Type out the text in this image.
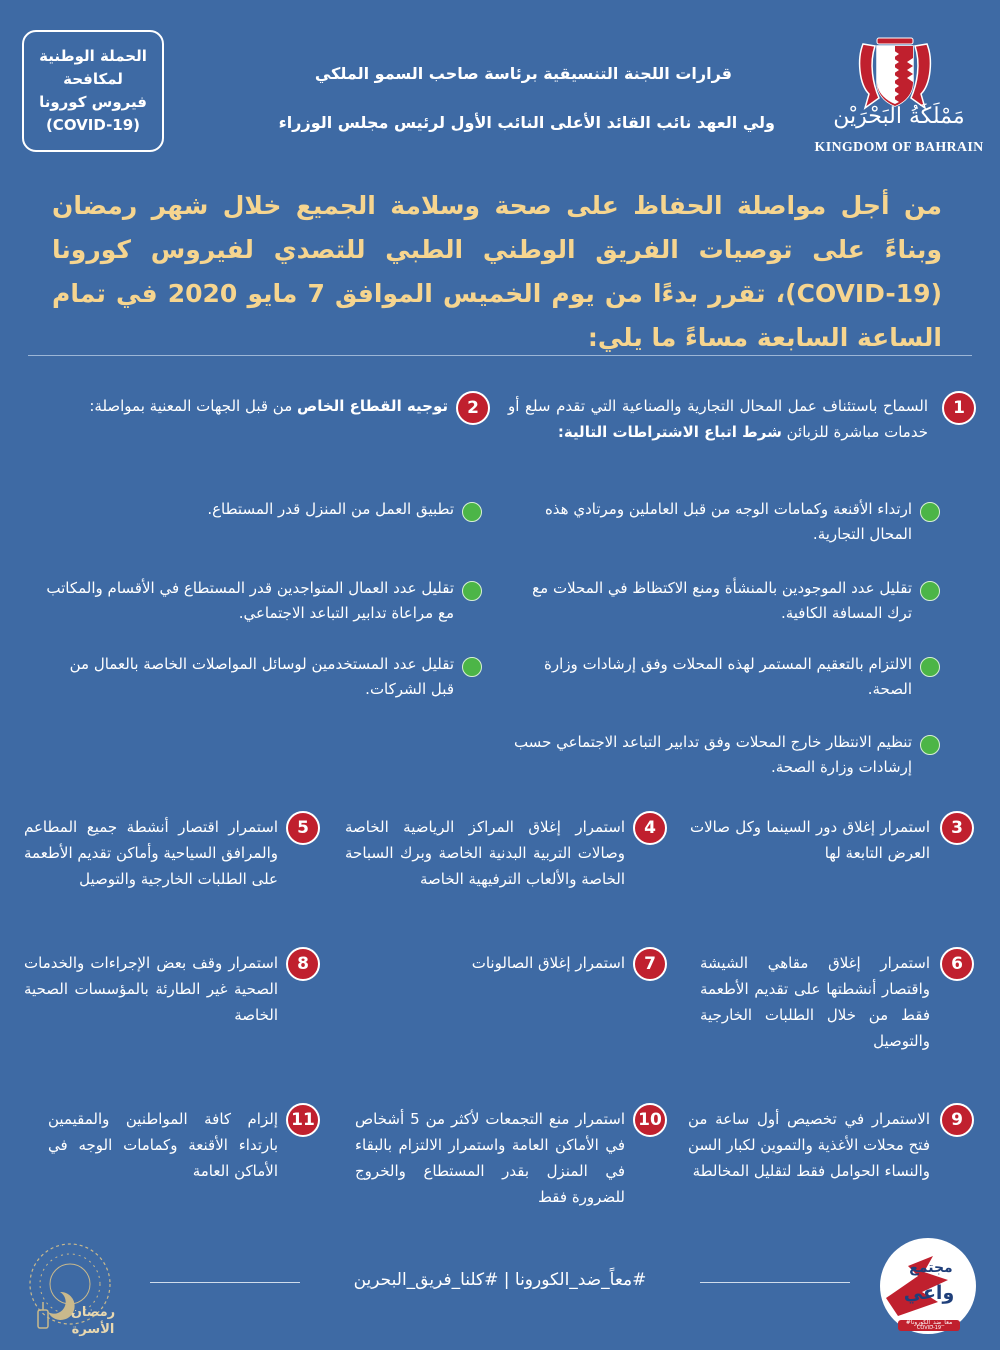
الحملة الوطنية
لمكافحة
فيروس كورونا
(COVID-19)
قرارات اللجنة التنسيقية برئاسة صاحب السمو الملكي
ولي العهد نائب القائد الأعلى النائب الأول لرئيس مجلس الوزراء	مَمْلَكَةُ البَحْرَيْن
KINGDOM OF BAHRAIN
من أجل مواصلة الحفاظ على صحة وسلامة الجميع خلال شهر رمضان وبناءً على توصيات الفريق الوطني الطبي للتصدي لفيروس كورونا (COVID-19)، تقرر بدءًا من يوم الخميس الموافق 7 مايو 2020 في تمام الساعة السابعة مساءً ما يلي:
1
السماح باستئناف عمل المحال التجارية والصناعية التي تقدم سلع أو خدمات مباشرة للزبائن شرط اتباع الاشتراطات التالية:
ارتداء الأقنعة وكمامات الوجه من قبل العاملين ومرتادي هذه المحال التجارية.
تقليل عدد الموجودين بالمنشأة ومنع الاكتظاظ في المحلات مع ترك المسافة الكافية.
الالتزام بالتعقيم المستمر لهذه المحلات وفق إرشادات وزارة الصحة.
تنظيم الانتظار خارج المحلات وفق تدابير التباعد الاجتماعي حسب إرشادات وزارة الصحة.
2
توجيه القطاع الخاص من قبل الجهات المعنية بمواصلة:
تطبيق العمل من المنزل قدر المستطاع.
تقليل عدد العمال المتواجدين قدر المستطاع في الأقسام والمكاتب مع مراعاة تدابير التباعد الاجتماعي.
تقليل عدد المستخدمين لوسائل المواصلات الخاصة بالعمال من قبل الشركات.
3
استمرار إغلاق دور السينما وكل صالات العرض التابعة لها
4
استمرار إغلاق المراكز الرياضية الخاصة وصالات التربية البدنية الخاصة وبرك السباحة الخاصة والألعاب الترفيهية الخاصة
5
استمرار اقتصار أنشطة جميع المطاعم والمرافق السياحية وأماكن تقديم الأطعمة على الطلبات الخارجية والتوصيل
6
استمرار إغلاق مقاهي الشيشة واقتصار أنشطتها على تقديم الأطعمة فقط من خلال الطلبات الخارجية والتوصيل
7
استمرار إغلاق الصالونات
8
استمرار وقف بعض الإجراءات والخدمات الصحية غير الطارئة بالمؤسسات الصحية الخاصة
9
الاستمرار في تخصيص أول ساعة من فتح محلات الأغذية والتموين لكبار السن والنساء الحوامل فقط لتقليل المخالطة
10
استمرار منع التجمعات لأكثر من 5 أشخاص في الأماكن العامة واستمرار الالتزام بالبقاء في المنزل بقدر المستطاع والخروج للضرورة فقط
11
إلزام كافة المواطنين والمقيمين بارتداء الأقنعة وكمامات الوجه في الأماكن العامة
#معاً_ضد_الكورونا | #كلنا_فريق_البحرين
رمضان
الأسرة
مجتمع
واعي
#معا_ضد_الكورونا
COVID-19
